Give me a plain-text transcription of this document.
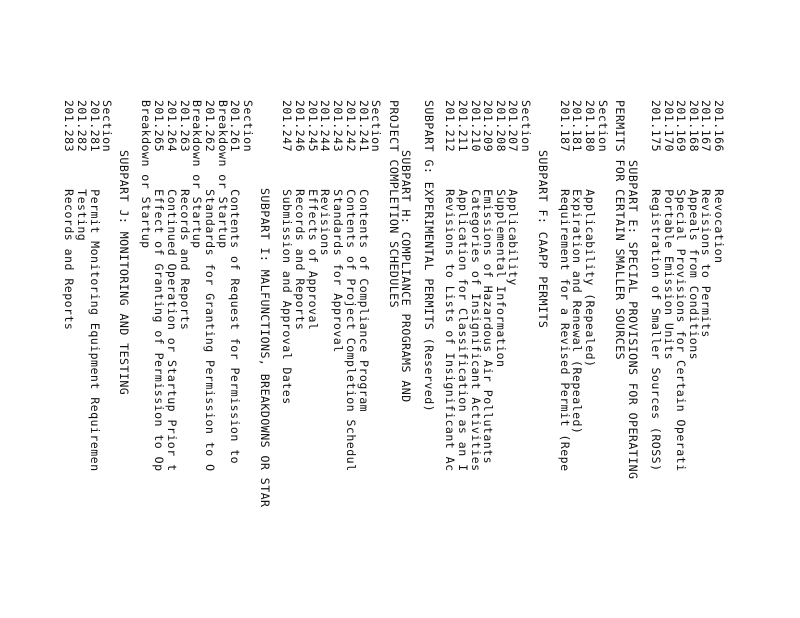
201.166     Revocation
201.167     Revisions to Permits
201.168     Appeals from Conditions
201.169     Special Provisions for Certain Operati
201.170     Portable Emission Units
201.175     Registration of Smaller Sources (ROSS)
SUBPART E: SPECIAL PROVISIONS FOR OPERATING
PERMITS FOR CERTAIN SMALLER SOURCES
Section
201.180     Applicability (Repealed)
201.181     Expiration and Renewal (Repealed)
201.187     Requirement for a Revised Permit (Repe
SUBPART F: CAAPP PERMITS
Section
201.207     Applicability
201.208     Supplemental Information
201.209     Emissions of Hazardous Air Pollutants
201.210     Categories of Insignificant Activities
201.211     Application for Classification as an I
201.212     Revisions to Lists of Insignificant Ac
SUBPART G: EXPERIMENTAL PERMITS (Reserved)
SUBPART H: COMPLIANCE PROGRAMS AND
PROJECT COMPLETION SCHEDULES
Section
201.241     Contents of Compliance Program
201.242     Contents of Project Completion Schedul
201.243     Standards for Approval
201.244     Revisions
201.245     Effects of Approval
201.246     Records and Reports
201.247     Submission and Approval Dates
SUBPART I: MALFUNCTIONS, BREAKDOWNS OR STAR
Section
201.261     Contents of Request for Permission to
Breakdown or Startup
201.262     Standards for Granting Permission to O
Breakdown or Startup
201.263     Records and Reports
201.264     Continued Operation or Startup Prior t
201.265     Effect of Granting of Permission to Op
Breakdown or Startup
SUBPART J: MONITORING AND TESTING
Section
201.281     Permit Monitoring Equipment Requiremen
201.282     Testing
201.283     Records and Reports
